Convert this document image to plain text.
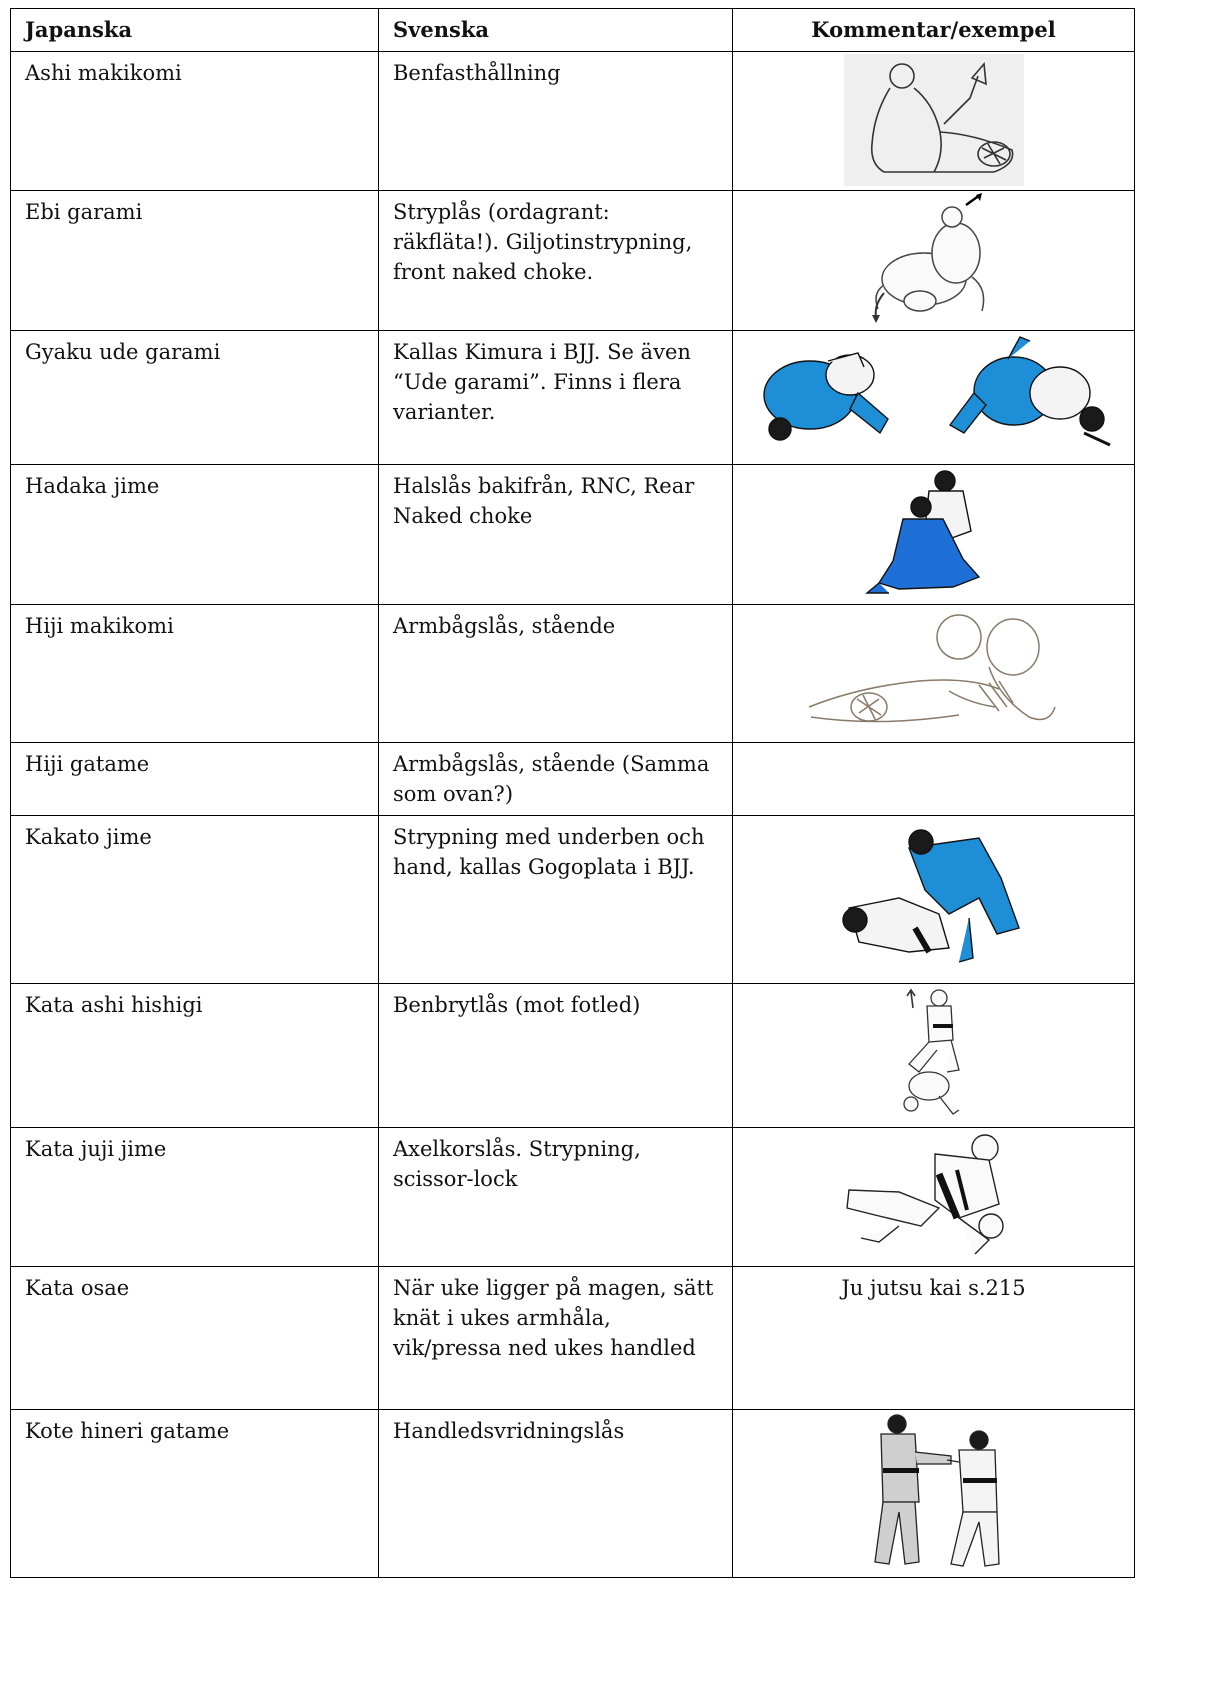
Japanska	Svenska	Kommentar/exempel
Ashi makikomi	Benfasthållning	

Ebi garami	Stryplås (ordagrant: räkfläta!). Giljotinstrypning, front naked choke.	

Gyaku ude garami	Kallas Kimura i BJJ. Se även “Ude garami”. Finns i flera varianter.	

Hadaka jime	Halslås bakifrån, RNC, Rear Naked choke	

Hiji makikomi	Armbågslås, stående	

Hiji gatame	Armbågslås, stående (Samma som ovan?)	
Kakato jime	Strypning med underben och hand, kallas Gogoplata i BJJ.	

Kata ashi hishigi	Benbrytlås (mot fotled)	

Kata juji jime	Axelkorslås. Strypning, scissor-lock	

Kata osae	När uke ligger på magen, sätt knät i ukes armhåla, vik/pressa ned ukes handled	Ju jutsu kai s.215

Kote hineri gatame	Handledsvridningslås	
